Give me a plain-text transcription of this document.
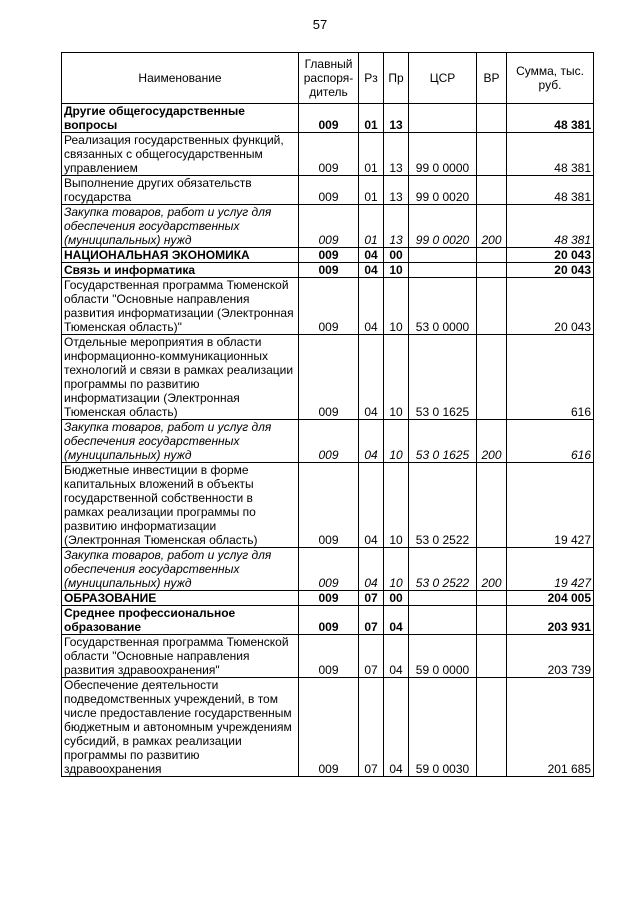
57
Наименование	Главный распоря-дитель	Рз	Пр	ЦСР	ВР	Сумма, тыс. руб.
Другие общегосударственные вопросы	009	01	13			48 381
Реализация государственных функций, связанных с общегосударственным управлением	009	01	13	99 0 0000		48 381
Выполнение других обязательств государства	009	01	13	99 0 0020		48 381
Закупка товаров, работ и услуг для обеспечения государственных (муниципальных) нужд	009	01	13	99 0 0020	200	48 381
НАЦИОНАЛЬНАЯ ЭКОНОМИКА	009	04	00			20 043
Связь и информатика	009	04	10			20 043
Государственная программа Тюменской области "Основные направления развития информатизации (Электронная Тюменская область)"	009	04	10	53 0 0000		20 043
Отдельные мероприятия в области информационно-коммуникационных технологий и связи в рамках реализации программы по развитию информатизации (Электронная Тюменская область)	009	04	10	53 0 1625		616
Закупка товаров, работ и услуг для обеспечения государственных (муниципальных) нужд	009	04	10	53 0 1625	200	616
Бюджетные инвестиции в форме капитальных вложений в объекты государственной собственности в рамках реализации программы по развитию информатизации (Электронная Тюменская область)	009	04	10	53 0 2522		19 427
Закупка товаров, работ и услуг для обеспечения государственных (муниципальных) нужд	009	04	10	53 0 2522	200	19 427
ОБРАЗОВАНИЕ	009	07	00			204 005
Среднее профессиональное образование	009	07	04			203 931
Государственная программа Тюменской области "Основные направления развития здравоохранения"	009	07	04	59 0 0000		203 739
Обеспечение деятельности подведомственных учреждений, в том числе предоставление государственным бюджетным и автономным учреждениям субсидий, в рамках реализации программы по развитию здравоохранения	009	07	04	59 0 0030		201 685
